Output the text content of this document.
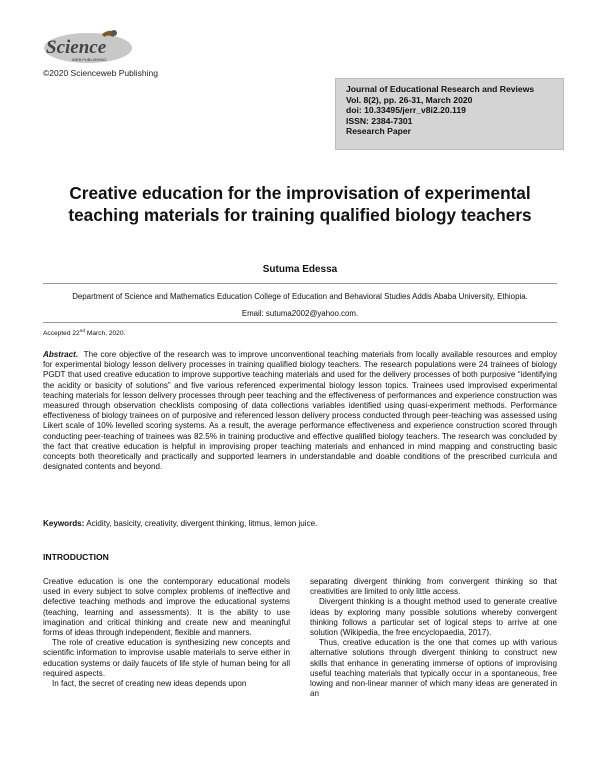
Science
WEB PUBLISHING
©2020 Scienceweb Publishing
Journal of Educational Research and Reviews
Vol. 8(2), pp. 26-31, March 2020
doi: 10.33495/jerr_v8i2.20.119
ISSN: 2384-7301
Research Paper
Creative education for the improvisation of experimental teaching materials for training qualified biology teachers
Sutuma Edessa
Department of Science and Mathematics Education College of Education and Behavioral Studies Addis Ababa University, Ethiopia.
Email: sutuma2002@yahoo.com.
Accepted 22nd March, 2020.
Abstract. The core objective of the research was to improve unconventional teaching materials from locally available resources and employ for experimental biology lesson delivery processes in training qualified biology teachers. The research populations were 24 trainees of biology PGDT that used creative education to improve supportive teaching materials and used for the delivery processes of both purposive “identifying the acidity or basicity of solutions” and five various referenced experimental biology lesson topics. Trainees used improvised experimental teaching materials for lesson delivery processes through peer teaching and the effectiveness of performances and experience construction was measured through observation checklists composing of data collections variables identified using quasi-experiment methods. Performance effectiveness of biology trainees on of purposive and referenced lesson delivery process conducted through peer-teaching was assessed using Likert scale of 10% levelled scoring systems. As a result, the average performance effectiveness and experience construction scored through conducting peer-teaching of trainees was 82.5% in training productive and effective qualified biology teachers. The research was concluded by the fact that creative education is helpful in improvising proper teaching materials and enhanced in mind mapping and constructing basic concepts both theoretically and practically and supported learners in understandable and doable conditions of the prescribed curricula and designated contents and beyond.
Keywords: Acidity, basicity, creativity, divergent thinking, litmus, lemon juice.
INTRODUCTION

Creative education is one the contemporary educational models used in every subject to solve complex problems of ineffective and defective teaching methods and improve the educational systems (teaching, learning and assessments). It is the ability to use imagination and critical thinking and create new and meaningful forms of ideas through independent, flexible and manners.

The role of creative education is synthesizing new concepts and scientific information to improvise usable materials to serve either in education systems or daily faucets of life style of human being for all required aspects.

In fact, the secret of creating new ideas depends upon

separating divergent thinking from convergent thinking so that creativities are limited to only little access.

Divergent thinking is a thought method used to generate creative ideas by exploring many possible solutions whereby convergent thinking follows a particular set of logical steps to arrive at one solution (Wikipedia, the free encyclopaedia, 2017).

Thus, creative education is the one that comes up with various alternative solutions through divergent thinking to construct new skills that enhance in generating immerse of options of improvising useful teaching materials that typically occur in a spontaneous, free lowing and non-linear manner of which many ideas are generated in an
